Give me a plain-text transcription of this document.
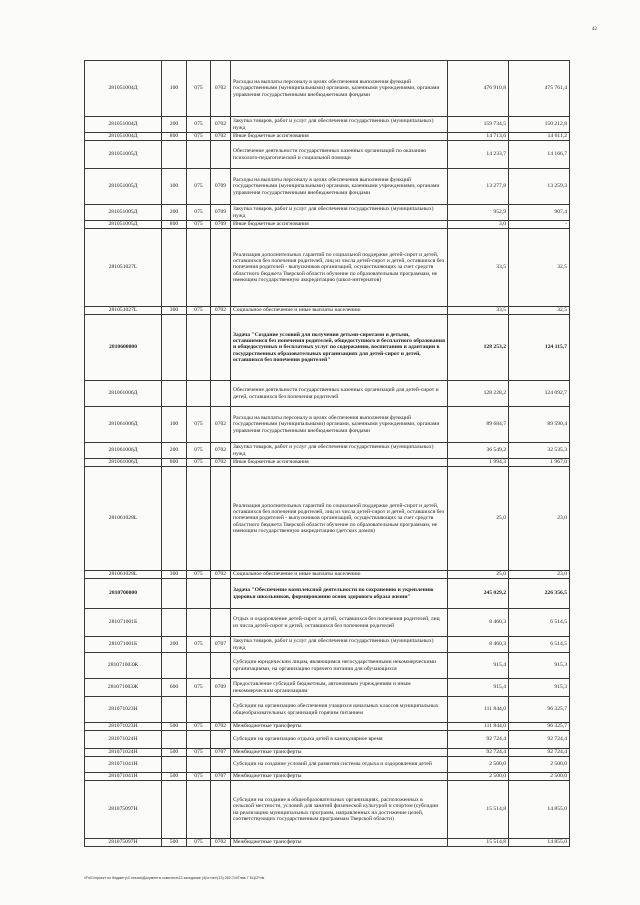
42
281051004Д	100	075	0702	Расходы на выплаты персоналу в целях обеспечения выполнения функций государственными (муниципальными) органами, казенными учреждениями, органами управления государственными внебюджетными фондами	476 910,8	475 761,4
281051004Д	200	075	0702	Закупка товаров, работ и услуг для обеспечения государственных (муниципальных) нужд	159 734,5	150 212,8
281051004Д	800	075	0702	Иные бюджетные ассигнования	14 713,6	14 611,2
281051005Д				Обеспечение деятельности государственных казенных организаций по оказанию психолого-педагогической и социальной помощи	14 233,7	14 166,7
281051005Д	100	075	0709	Расходы на выплаты персоналу в целях обеспечения выполнения функций государственными (муниципальными) органами, казенными учреждениями, органами управления государственными внебюджетными фондами	13 277,8	13 259,3
281051005Д	200	075	0709	Закупка товаров, работ и услуг для обеспечения государственных (муниципальных) нужд	952,9	907,4
281051005Д	800	075	0709	Иные бюджетные ассигнования	3,0	-
281051027L				Реализация дополнительных гарантий по социальной поддержке детей-сирот и детей, оставшихся без попечения родителей, лиц из числа детей-сирот и детей, оставшихся без попечения родителей - выпускников организаций, осуществляющих за счет средств областного бюджета Тверской области обучение по образовательным программам, не имеющим государственную аккредитацию (школ-интернатов)	33,5	32,5
281051027L	300	075	0702	Социальное обеспечение и иные выплаты населению	33,5	32,5
2810600000				Задача "Создание условий для получения детьми-сиротами и детьми, оставшимися без попечения родителей, общедоступного и бесплатного образования и общедоступных и бесплатных услуг по содержанию, воспитанию и адаптации в государственных образовательных организациях для детей-сирот и детей, оставшихся без попечения родителей"	128 253,2	124 115,7
281061006Д				Обеспечение деятельности государственных казенных организаций для детей-сирот и детей, оставшихся без попечения родителей	128 228,2	124 092,7
281061006Д	100	075	0702	Расходы на выплаты персоналу в целях обеспечения выполнения функций государственными (муниципальными) органами, казенными учреждениями, органами управления государственными внебюджетными фондами	89 684,7	89 590,4
281061006Д	200	075	0702	Закупка товаров, работ и услуг для обеспечения государственных (муниципальных) нужд	36 549,2	32 535,3
281061006Д	800	075	0702	Иные бюджетные ассигнования	1 994,3	1 967,0
281061028L				Реализация дополнительных гарантий по социальной поддержке детей-сирот и детей, оставшихся без попечения родителей, лиц из числа детей-сирот и детей, оставшихся без попечения родителей - выпускников организаций, осуществляющих за счет средств областного бюджета Тверской области обучение по образовательным программам, не имеющим государственную аккредитацию (детских домов)	25,0	23,0
281061028L	300	075	0702	Социальное обеспечение и иные выплаты населению	25,0	23,0
2810700000				Задача "Обеспечение комплексной деятельности по сохранению и укреплению здоровья школьников, формированию основ здорового образа жизни"	245 029,2	226 356,5
281071001Б				Отдых и оздоровление детей-сирот и детей, оставшихся без попечения родителей, лиц из числа детей-сирот и детей, оставшихся без попечения родителей	8 460,3	6 514,5
281071001Б	200	075	0707	Закупка товаров, работ и услуг для обеспечения государственных (муниципальных) нужд	8 460,3	6 514,5
281071003Ж				Субсидии юридическим лицам, являющимся негосударственными некоммерческими организациями, на организацию горячего питания для обучающихся	915,4	915,3
281071003Ж	600	075	0709	Предоставление субсидий бюджетным, автономным учреждениям и иным некоммерческим организациям	915,4	915,3
281071023Н				Субсидии на организацию обеспечения учащихся начальных классов муниципальных общеобразовательных организаций горячим питанием	111 844,0	96 325,7
281071023Н	500	075	0702	Межбюджетные трансферты	111 844,0	96 325,7
281071024Н				Субсидии на организацию отдыха детей в каникулярное время	92 724,4	92 724,4
281071024Н	500	075	0707	Межбюджетные трансферты	92 724,4	92 724,4
281071041Н				Субсидии на создание условий для развития системы отдыха и оздоровления детей	2 500,0	2 500,0
281071041Н	500	075	0707	Межбюджетные трансферты	2 500,0	2 500,0
281075097Н				Субсидии на создание в общеобразовательных организациях, расположенных в сельской местности, условий для занятий физической культурой и спортом (субсидии на реализацию муниципальных программ, направленных на достижение целей, соответствующих государственным программам Тверской области)	15 514,8	14 855,0
281075097Н	500	075	0702	Межбюджетные трансферты	15 514,8	14 855,0
\\Fs01\проект по бюджету\З сеззия\Документы комитета\13 заседание (4)\отчет\(13) 282-7\4\Глав 7 ЕЦСР.xls
